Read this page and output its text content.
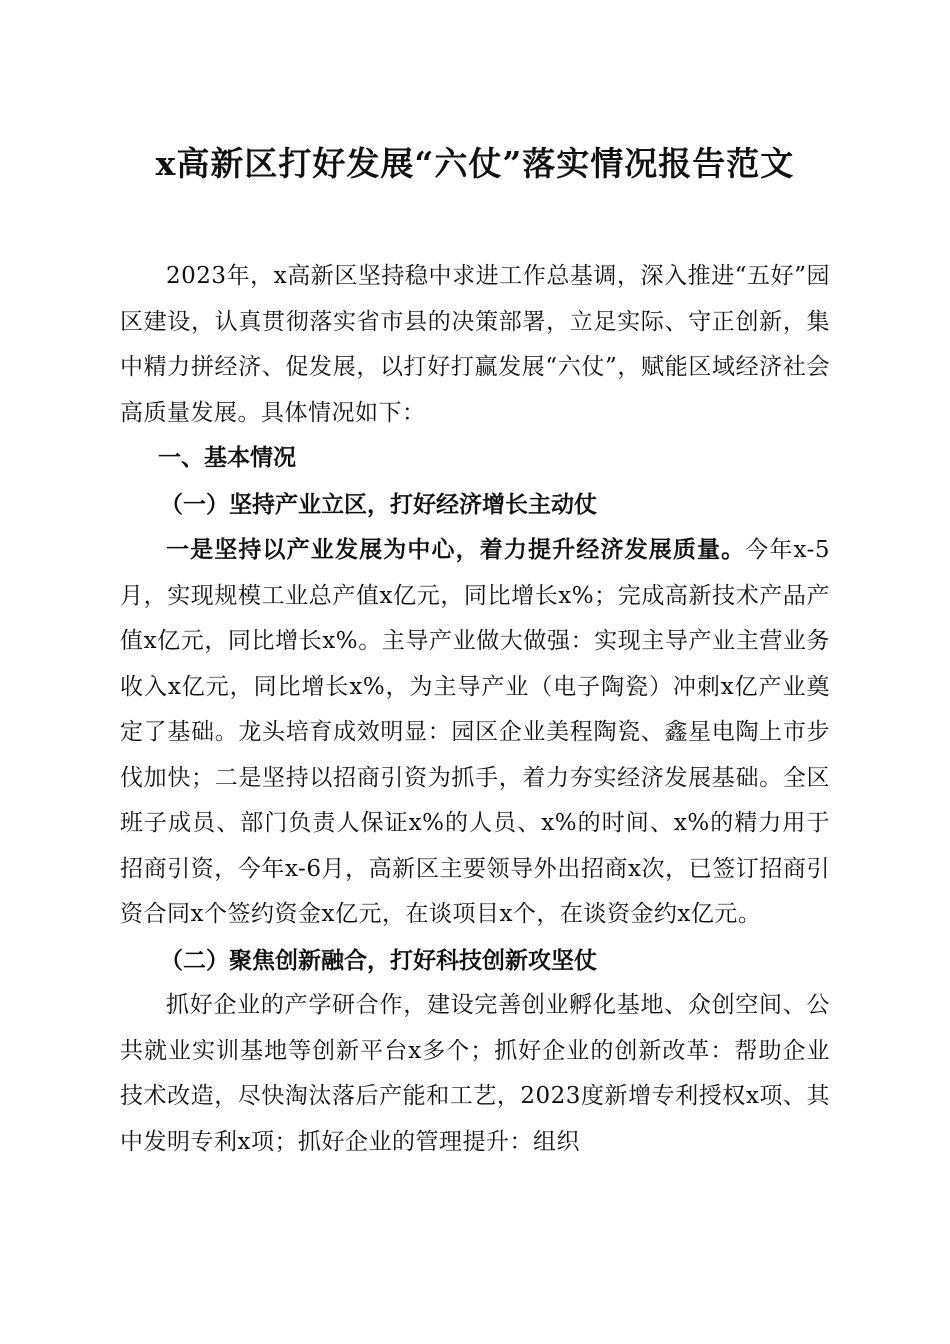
x高新区打好发展“六仗”落实情况报告范文

2023年，x高新区坚持稳中求进工作总基调，深入推进“五好”园区建设，认真贯彻落实省市县的决策部署，立足实际、守正创新，集中精力拼经济、促发展，以打好打赢发展“六仗”，赋能区域经济社会高质量发展。具体情况如下：

一、基本情况

（一）坚持产业立区，打好经济增长主动仗

一是坚持以产业发展为中心，着力提升经济发展质量。今年x-5月，实现规模工业总产值x亿元，同比增长x%；完成高新技术产品产值x亿元，同比增长x%。主导产业做大做强：实现主导产业主营业务收入x亿元，同比增长x%，为主导产业（电子陶瓷）冲刺x亿产业奠定了基础。龙头培育成效明显：园区企业美程陶瓷、鑫星电陶上市步伐加快；二是坚持以招商引资为抓手，着力夯实经济发展基础。全区班子成员、部门负责人保证x%的人员、x%的时间、x%的精力用于招商引资，今年x-6月，高新区主要领导外出招商x次，已签订招商引资合同x个签约资金x亿元，在谈项目x个，在谈资金约x亿元。

（二）聚焦创新融合，打好科技创新攻坚仗

抓好企业的产学研合作，建设完善创业孵化基地、众创空间、公共就业实训基地等创新平台x多个；抓好企业的创新改革：帮助企业技术改造，尽快淘汰落后产能和工艺，2023度新增专利授权x项、其中发明专利x项；抓好企业的管理提升：组织
